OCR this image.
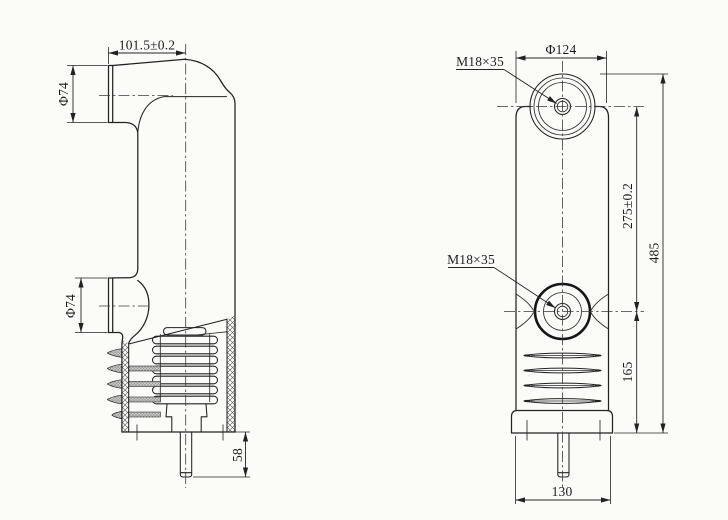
101.5±0.2
Φ74
Φ74
58
Φ124
M18×35
M18×35
275±0.2
165
485
130
